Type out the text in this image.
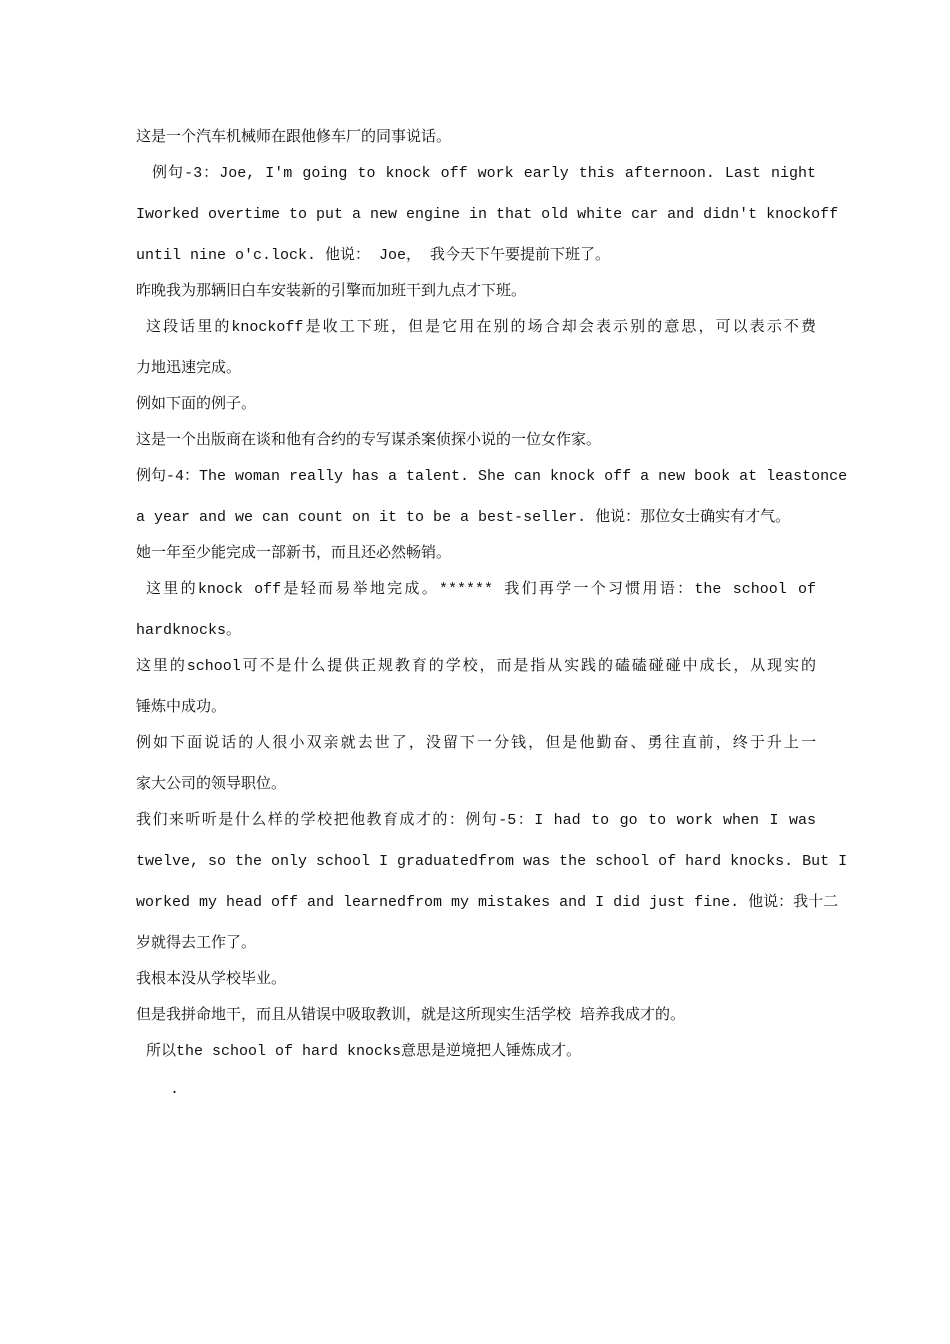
这是一个汽车机械师在跟他修车厂的同事说话。
例句-3：Joe, I'm going to knock off work early this afternoon. Last night
Iworked overtime to put a new engine in that old white car and didn't knockoff
until nine o'c.lock. 他说： Joe， 我今天下午要提前下班了。
昨晚我为那辆旧白车安装新的引擎而加班干到九点才下班。
这段话里的knockoff是收工下班，但是它用在别的场合却会表示别的意思，可以表示不费
力地迅速完成。
例如下面的例子。
这是一个出版商在谈和他有合约的专写谋杀案侦探小说的一位女作家。
例句-4：The woman really has a talent. She can knock off a new book at leastonce
a year and we can count on it to be a best-seller. 他说：那位女士确实有才气。
她一年至少能完成一部新书，而且还必然畅销。
这里的knock off是轻而易举地完成。****** 我们再学一个习惯用语：the school of
hardknocks。
这里的school可不是什么提供正规教育的学校，而是指从实践的磕磕碰碰中成长，从现实的
锤炼中成功。
例如下面说话的人很小双亲就去世了，没留下一分钱，但是他勤奋、勇往直前，终于升上一
家大公司的领导职位。
我们来听听是什么样的学校把他教育成才的：例句-5：I had to go to work when I was
twelve, so the only school I graduatedfrom was the school of hard knocks. But I
worked my head off and learnedfrom my mistakes and I did just fine. 他说：我十二
岁就得去工作了。
我根本没从学校毕业。
但是我拼命地干，而且从错误中吸取教训，就是这所现实生活学校 培养我成才的。
所以the school of hard knocks意思是逆境把人锤炼成才。
.
